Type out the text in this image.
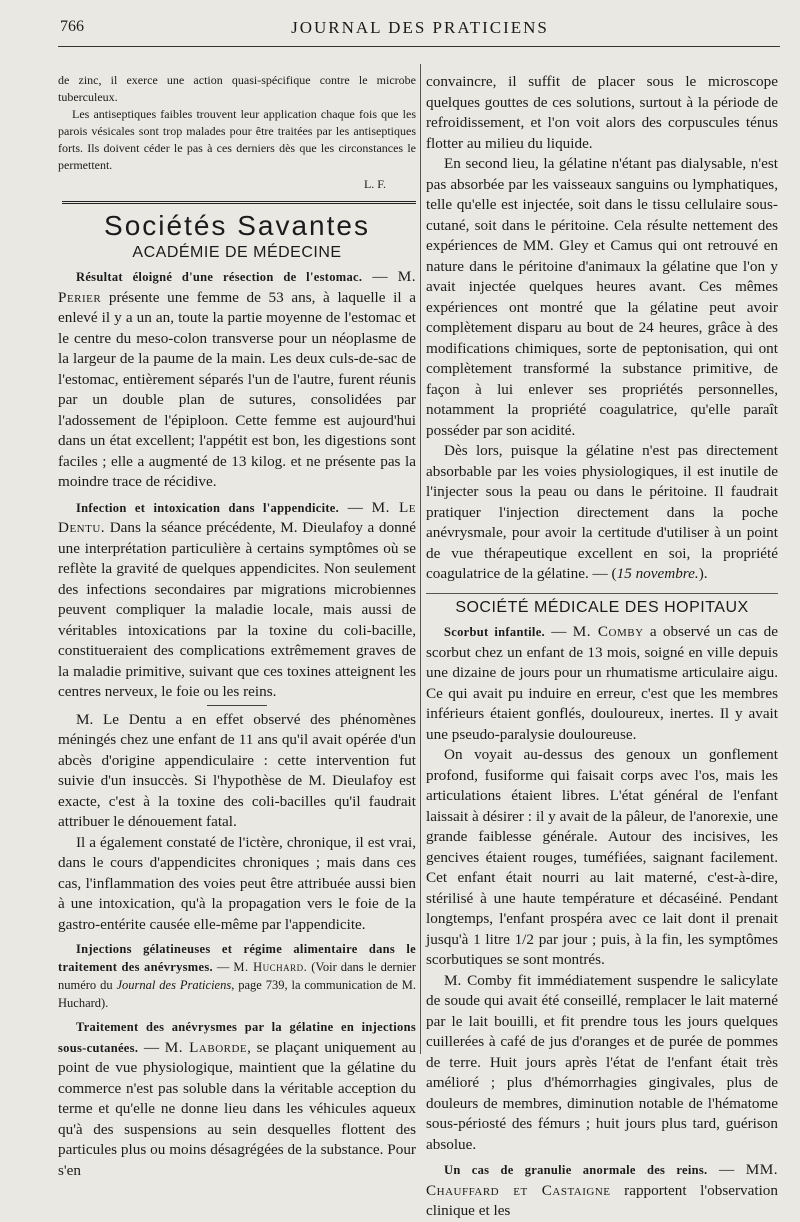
766	JOURNAL DES PRATICIENS

de zinc, il exerce une action quasi-spécifique contre le microbe tuberculeux.

Les antiseptiques faibles trouvent leur application chaque fois que les parois vésicales sont trop malades pour être traitées par les antiseptiques forts. Ils doivent céder le pas à ces derniers dès que les circonstances le permettent.

L. F.
Sociétés Savantes
ACADÉMIE DE MÉDECINE

Résultat éloigné d'une résection de l'estomac. — M. Perier présente une femme de 53 ans, à laquelle il a enlevé il y a un an, toute la partie moyenne de l'estomac et le centre du meso-colon transverse pour un néoplasme de la largeur de la paume de la main. Les deux culs-de-sac de l'estomac, entièrement séparés l'un de l'autre, furent réunis par un double plan de sutures, consolidées par l'adossement de l'épiploon. Cette femme est aujourd'hui dans un état excellent; l'appétit est bon, les digestions sont faciles ; elle a augmenté de 13 kilog. et ne présente pas la moindre trace de récidive.

Infection et intoxication dans l'appendicite. — M. Le Dentu. Dans la séance précédente, M. Dieulafoy a donné une interprétation particulière à certains symptômes où se reflète la gravité de quelques appendicites. Non seulement des infections secondaires par migrations microbiennes peuvent compliquer la maladie locale, mais aussi de véritables intoxications par la toxine du coli-bacille, constitueraient des complications extrêmement graves de la maladie primitive, suivant que ces toxines atteignent les centres nerveux, le foie ou les reins.

M. Le Dentu a en effet observé des phénomènes méningés chez une enfant de 11 ans qu'il avait opérée d'un abcès d'origine appendiculaire : cette intervention fut suivie d'un insuccès. Si l'hypothèse de M. Dieulafoy est exacte, c'est à la toxine des coli-bacilles qu'il faudrait attribuer le dénouement fatal.

Il a également constaté de l'ictère, chronique, il est vrai, dans le cours d'appendicites chroniques ; mais dans ces cas, l'inflammation des voies peut être attribuée aussi bien à une intoxication, qu'à la propagation vers le foie de la gastro-entérite causée elle-même par l'appendicite.

Injections gélatineuses et régime alimentaire dans le traitement des anévrysmes. — M. Huchard. (Voir dans le dernier numéro du Journal des Praticiens, page 739, la communication de M. Huchard).

Traitement des anévrysmes par la gélatine en injections sous-cutanées. — M. Laborde, se plaçant uniquement au point de vue physiologique, maintient que la gélatine du commerce n'est pas soluble dans la véritable acception du terme et qu'elle ne donne lieu dans les véhicules aqueux qu'à des suspensions au sein desquelles flottent des particules plus ou moins désagrégées de la substance. Pour s'en

convaincre, il suffit de placer sous le microscope quelques gouttes de ces solutions, surtout à la période de refroidissement, et l'on voit alors des corpuscules ténus flotter au milieu du liquide.

En second lieu, la gélatine n'étant pas dialysable, n'est pas absorbée par les vaisseaux sanguins ou lymphatiques, telle qu'elle est injectée, soit dans le tissu cellulaire sous-cutané, soit dans le péritoine. Cela résulte nettement des expériences de MM. Gley et Camus qui ont retrouvé en nature dans le péritoine d'animaux la gélatine que l'on y avait injectée quelques heures avant. Ces mêmes expériences ont montré que la gélatine peut avoir complètement disparu au bout de 24 heures, grâce à des modifications chimiques, sorte de peptonisation, qui ont complètement transformé la substance primitive, de façon à lui enlever ses propriétés personnelles, notamment la propriété coagulatrice, qu'elle paraît posséder par son acidité.

Dès lors, puisque la gélatine n'est pas directement absorbable par les voies physiologiques, il est inutile de l'injecter sous la peau ou dans le péritoine. Il faudrait pratiquer l'injection directement dans la poche anévrysmale, pour avoir la certitude d'utiliser à un point de vue thérapeutique excellent en soi, la propriété coagulatrice de la gélatine. — (15 novembre.).

SOCIÉTÉ MÉDICALE DES HOPITAUX

Scorbut infantile. — M. Comby a observé un cas de scorbut chez un enfant de 13 mois, soigné en ville depuis une dizaine de jours pour un rhumatisme articulaire aigu. Ce qui avait pu induire en erreur, c'est que les membres inférieurs étaient gonflés, douloureux, inertes. Il y avait une pseudo-paralysie douloureuse.

On voyait au-dessus des genoux un gonflement profond, fusiforme qui faisait corps avec l'os, mais les articulations étaient libres. L'état général de l'enfant laissait à désirer : il y avait de la pâleur, de l'anorexie, une grande faiblesse générale. Autour des incisives, les gencives étaient rouges, tuméfiées, saignant facilement. Cet enfant était nourri au lait materné, c'est-à-dire, stérilisé à une haute température et décaséiné. Pendant longtemps, l'enfant prospéra avec ce lait dont il prenait jusqu'à 1 litre 1/2 par jour ; puis, à la fin, les symptômes scorbutiques se sont montrés.

M. Comby fit immédiatement suspendre le salicylate de soude qui avait été conseillé, remplacer le lait materné par le lait bouilli, et fit prendre tous les jours quelques cuillerées à café de jus d'oranges et de purée de pommes de terre. Huit jours après l'état de l'enfant était très amélioré ; plus d'hémorrhagies gingivales, plus de douleurs de membres, diminution notable de l'hématome sous-périosté des fémurs ; huit jours plus tard, guérison absolue.

Un cas de granulie anormale des reins. — MM. Chauffard et Castaigne rapportent l'observation clinique et les
